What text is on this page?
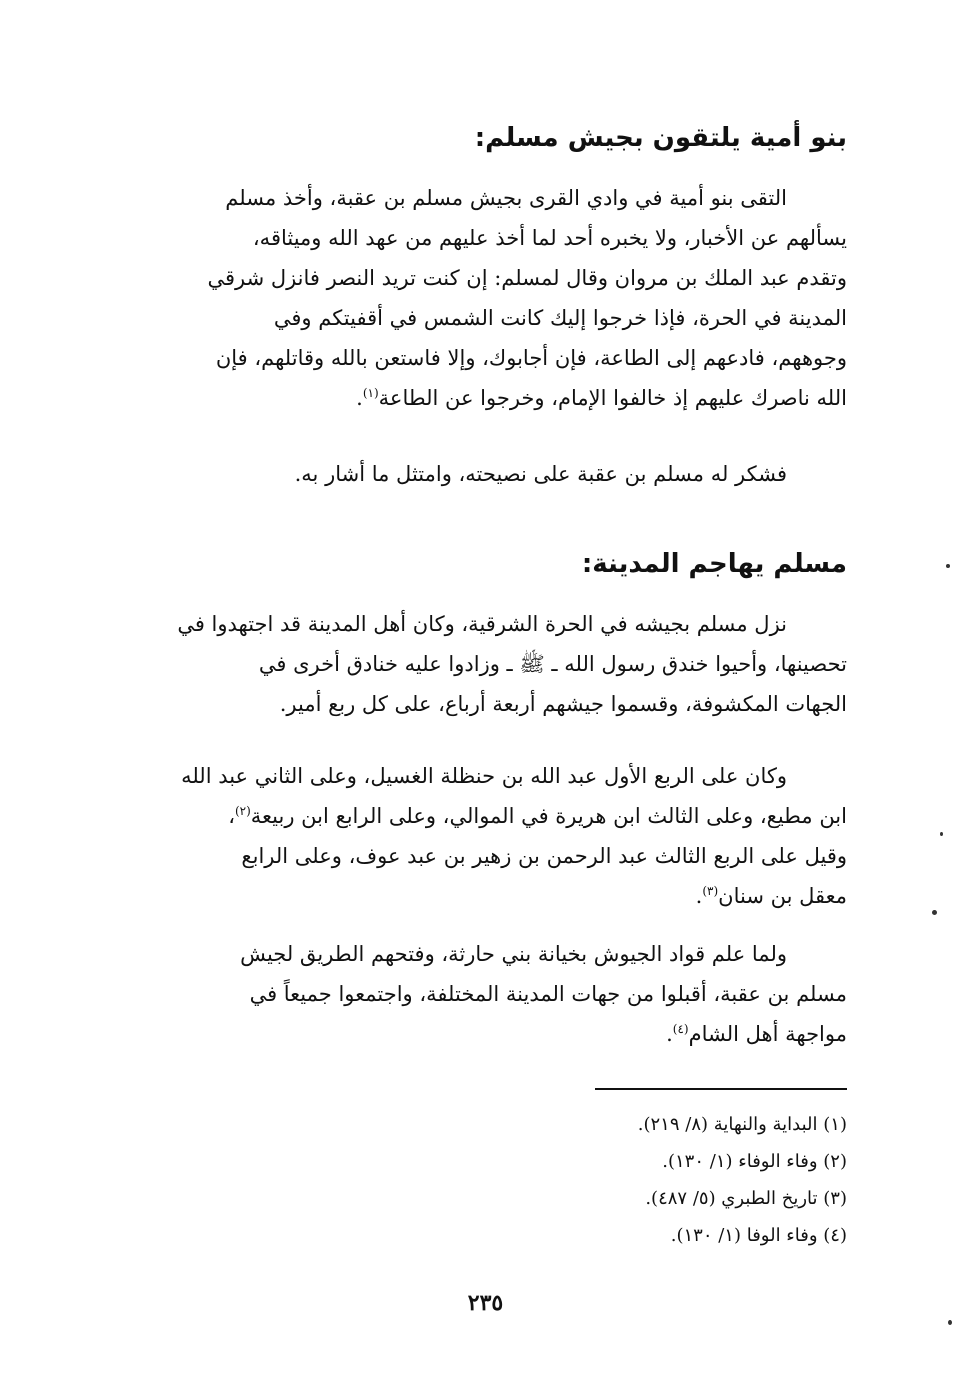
بنو أمية يلتقون بجيش مسلم:
التقى بنو أمية في وادي القرى بجيش مسلم بن عقبة، وأخذ مسلم
يسألهم عن الأخبار، ولا يخبره أحد لما أخذ عليهم من عهد الله وميثاقه،
وتقدم عبد الملك بن مروان وقال لمسلم: إن كنت تريد النصر فانزل شرقي
المدينة في الحرة، فإذا خرجوا إليك كانت الشمس في أقفيتكم وفي
وجوههم، فادعهم إلى الطاعة، فإن أجابوك، وإلا فاستعن بالله وقاتلهم، فإن
الله ناصرك عليهم إذ خالفوا الإمام، وخرجوا عن الطاعة$^{(١)}$.
فشكر له مسلم بن عقبة على نصيحته، وامتثل ما أشار به.
مسلم يهاجم المدينة:
نزل مسلم بجيشه في الحرة الشرقية، وكان أهل المدينة قد اجتهدوا في
تحصينها، وأحيوا خندق رسول الله ـ ﷺ ـ وزادوا عليه خنادق أخرى في
الجهات المكشوفة، وقسموا جيشهم أربعة أرباع، على كل ربع أمير.
وكان على الربع الأول عبد الله بن حنظلة الغسيل، وعلى الثاني عبد الله
ابن مطيع، وعلى الثالث ابن هريرة في الموالي، وعلى الرابع ابن ربيعة$^{(٢)}$،
وقيل على الربع الثالث عبد الرحمن بن زهير بن عبد عوف، وعلى الرابع
معقل بن سنان$^{(٣)}$.
ولما علم قواد الجيوش بخيانة بني حارثة، وفتحهم الطريق لجيش
مسلم بن عقبة، أقبلوا من جهات المدينة المختلفة، واجتمعوا جميعاً في
مواجهة أهل الشام$^{(٤)}$.
(١) البداية والنهاية (٨/ ٢١٩).
(٢) وفاء الوفاء (١/ ١٣٠).
(٣) تاريخ الطبري (٥/ ٤٨٧).
(٤) وفاء الوفا (١/ ١٣٠).
٢٣٥
